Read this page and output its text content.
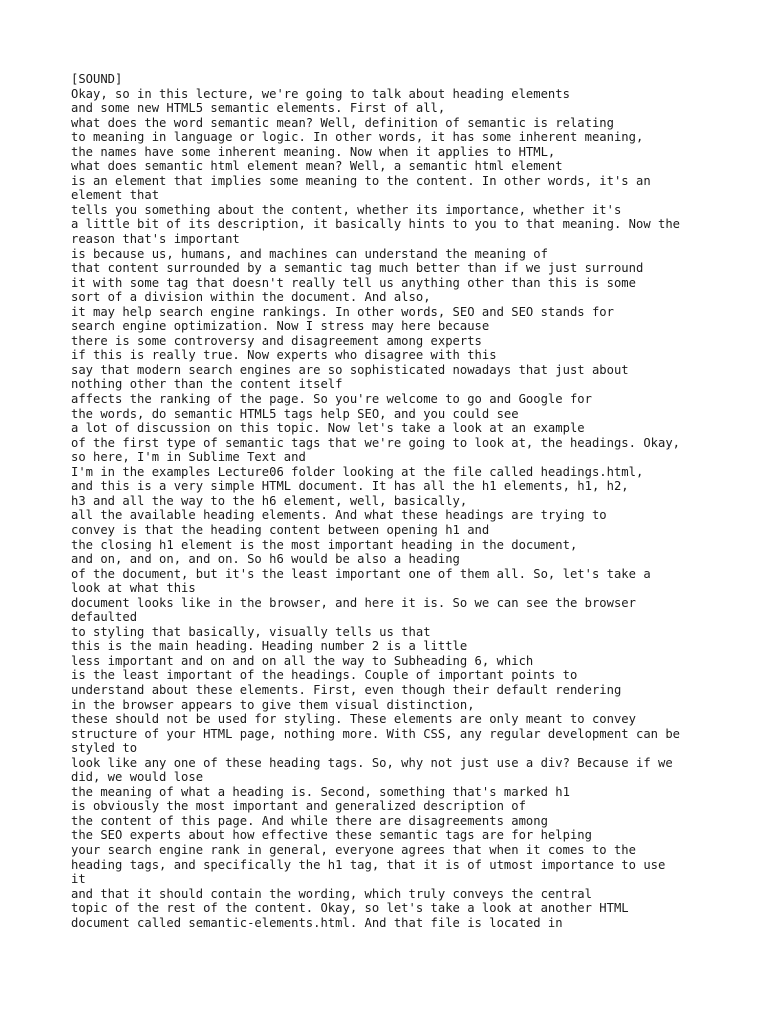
[SOUND]
Okay, so in this lecture, we're going to talk about heading elements
and some new HTML5 semantic elements. First of all,
what does the word semantic mean? Well, definition of semantic is relating
to meaning in language or logic. In other words, it has some inherent meaning,
the names have some inherent meaning. Now when it applies to HTML,
what does semantic html element mean? Well, a semantic html element
is an element that implies some meaning to the content. In other words, it's an
element that
tells you something about the content, whether its importance, whether it's
a little bit of its description, it basically hints to you to that meaning. Now the
reason that's important
is because us, humans, and machines can understand the meaning of
that content surrounded by a semantic tag much better than if we just surround
it with some tag that doesn't really tell us anything other than this is some
sort of a division within the document. And also,
it may help search engine rankings. In other words, SEO and SEO stands for
search engine optimization. Now I stress may here because
there is some controversy and disagreement among experts
if this is really true. Now experts who disagree with this
say that modern search engines are so sophisticated nowadays that just about
nothing other than the content itself
affects the ranking of the page. So you're welcome to go and Google for
the words, do semantic HTML5 tags help SEO, and you could see
a lot of discussion on this topic. Now let's take a look at an example
of the first type of semantic tags that we're going to look at, the headings. Okay,
so here, I'm in Sublime Text and
I'm in the examples Lecture06 folder looking at the file called headings.html,
and this is a very simple HTML document. It has all the h1 elements, h1, h2,
h3 and all the way to the h6 element, well, basically,
all the available heading elements. And what these headings are trying to
convey is that the heading content between opening h1 and
the closing h1 element is the most important heading in the document,
and on, and on, and on. So h6 would be also a heading
of the document, but it's the least important one of them all. So, let's take a
look at what this
document looks like in the browser, and here it is. So we can see the browser
defaulted
to styling that basically, visually tells us that
this is the main heading. Heading number 2 is a little
less important and on and on all the way to Subheading 6, which
is the least important of the headings. Couple of important points to
understand about these elements. First, even though their default rendering
in the browser appears to give them visual distinction,
these should not be used for styling. These elements are only meant to convey
structure of your HTML page, nothing more. With CSS, any regular development can be
styled to
look like any one of these heading tags. So, why not just use a div? Because if we
did, we would lose
the meaning of what a heading is. Second, something that's marked h1
is obviously the most important and generalized description of
the content of this page. And while there are disagreements among
the SEO experts about how effective these semantic tags are for helping
your search engine rank in general, everyone agrees that when it comes to the
heading tags, and specifically the h1 tag, that it is of utmost importance to use
it
and that it should contain the wording, which truly conveys the central
topic of the rest of the content. Okay, so let's take a look at another HTML
document called semantic-elements.html. And that file is located in
